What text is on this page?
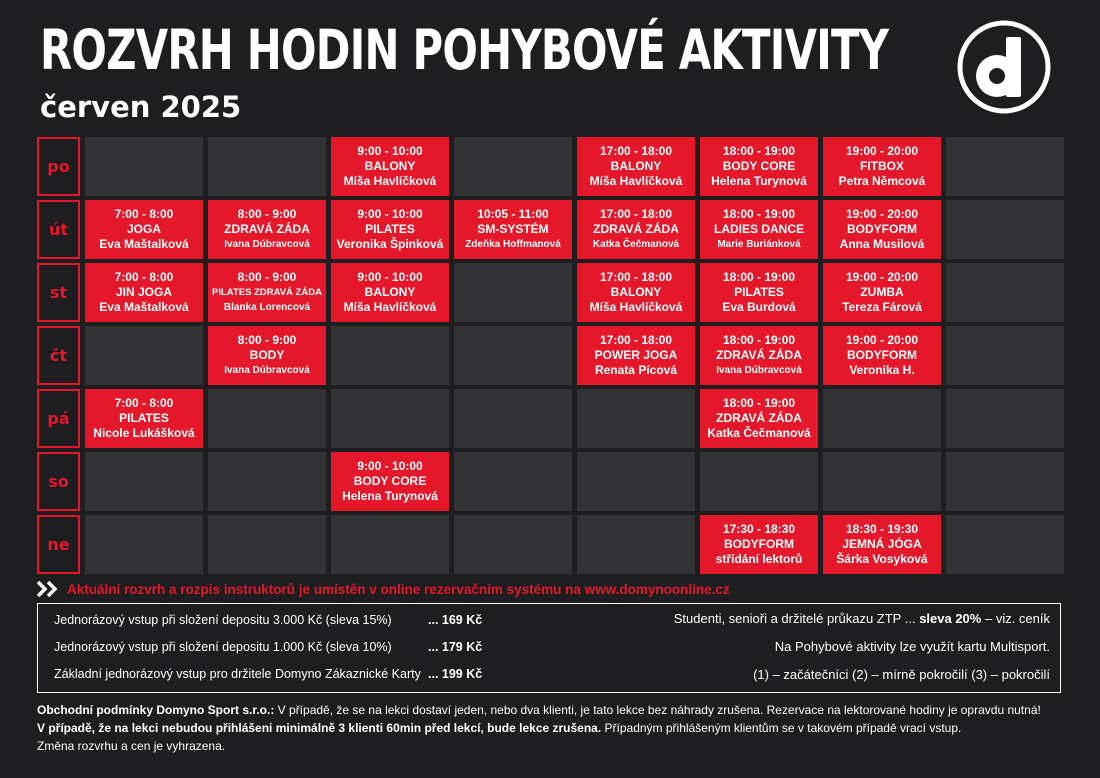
ROZVRH HODIN POHYBOVÉ AKTIVITY
červen 2025
po
9:00 - 10:00
BALONY
Míša Havlíčková
17:00 - 18:00
BALONY
Míša Havlíčková
18:00 - 19:00
BODY CORE
Helena Turynová
19:00 - 20:00
FITBOX
Petra Němcová
út
7:00 - 8:00
JOGA
Eva Maštalková
8:00 - 9:00
ZDRAVÁ ZÁDA
Ivana Dúbravcová
9:00 - 10:00
PILATES
Veronika Špinková
10:05 - 11:00
SM-SYSTÉM
Zdeňka Hoffmanová
17:00 - 18:00
ZDRAVÁ ZÁDA
Katka Čečmanová
18:00 - 19:00
LADIES DANCE
Marie Buriánková
19:00 - 20:00
BODYFORM
Anna Musilová
st
7:00 - 8:00
JIN JOGA
Eva Maštalková
8:00 - 9:00
PILATES ZDRAVÁ ZÁDA
Blanka Lorencová
9:00 - 10:00
BALONY
Míša Havlíčková
17:00 - 18:00
BALONY
Míša Havlíčková
18:00 - 19:00
PILATES
Eva Burdová
19:00 - 20:00
ZUMBA
Tereza Fárová
čt
8:00 - 9:00
BODY
Ivana Dúbravcová
17:00 - 18:00
POWER JOGA
Renata Pícová
18:00 - 19:00
ZDRAVÁ ZÁDA
Ivana Dúbravcová
19:00 - 20:00
BODYFORM
Veronika H.
pá
7:00 - 8:00
PILATES
Nicole Lukášková
18:00 - 19:00
ZDRAVÁ ZÁDA
Katka Čečmanová
so
9:00 - 10:00
BODY CORE
Helena Turynová
ne
17:30 - 18:30
BODYFORM
střídání lektorů
18:30 - 19:30
JEMNÁ JÓGA
Šárka Vosyková
Aktuální rozvrh a rozpis instruktorů je umístěn v online rezervačním systému na www.domynoonline.cz
Jednorázový vstup při složení depositu 3.000 Kč (sleva 15%)	... 169 Kč
Jednorázový vstup při složení depositu 1.000 Kč (sleva 10%)	... 179 Kč
Základní jednorázový vstup pro držitele Domyno Zákaznické Karty ... 199 Kč
Studenti, senioři a držitelé průkazu ZTP ... sleva 20% – viz. ceník
Na Pohybové aktivity lze využít kartu Multisport.
(1) – začátečníci (2) – mírně pokročilí (3) – pokročilí

Obchodní podmínky Domyno Sport s.r.o.: V případě, že se na lekci dostaví jeden, nebo dva klienti, je tato lekce bez náhrady zrušena. Rezervace na lektorované hodiny je opravdu nutná!

V případě, že na lekci nebudou přihlášeni minimálně 3 klienti 60min před lekcí, bude lekce zrušena. Případným přihlášeným klientům se v takovém případě vrací vstup.

Změna rozvrhu a cen je vyhrazena.
